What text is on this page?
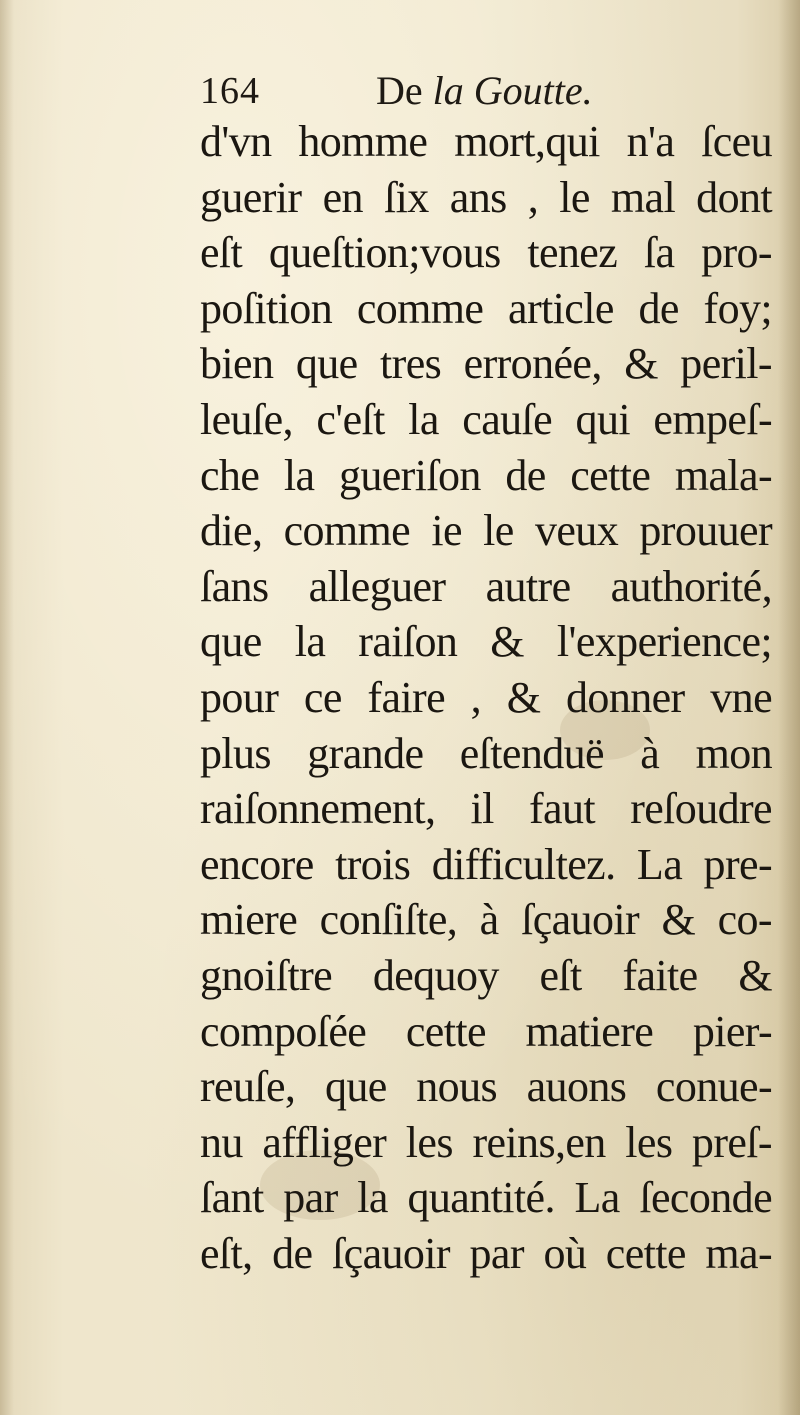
164	De la Goutte.
d'vn homme mort,qui n'a ſceu
guerir en ſix ans , le mal dont
eſt queſtion;vous tenez ſa pro-
poſition comme article de foy;
bien que tres erronée, & peril-
leuſe, c'eſt la cauſe qui empeſ-
che la gueriſon de cette mala-
die, comme ie le veux prouuer
ſans alleguer autre authorité,
que la raiſon & l'experience;
pour ce faire , & donner vne
plus grande eſtenduë à mon
raiſonnement, il faut reſoudre
encore trois difficultez. La pre-
miere conſiſte, à ſçauoir & co-
gnoiſtre dequoy eſt faite &
compoſée cette matiere pier-
reuſe, que nous auons conue-
nu affliger les reins,en les preſ-
ſant par la quantité. La ſeconde
eſt, de ſçauoir par où cette ma-
